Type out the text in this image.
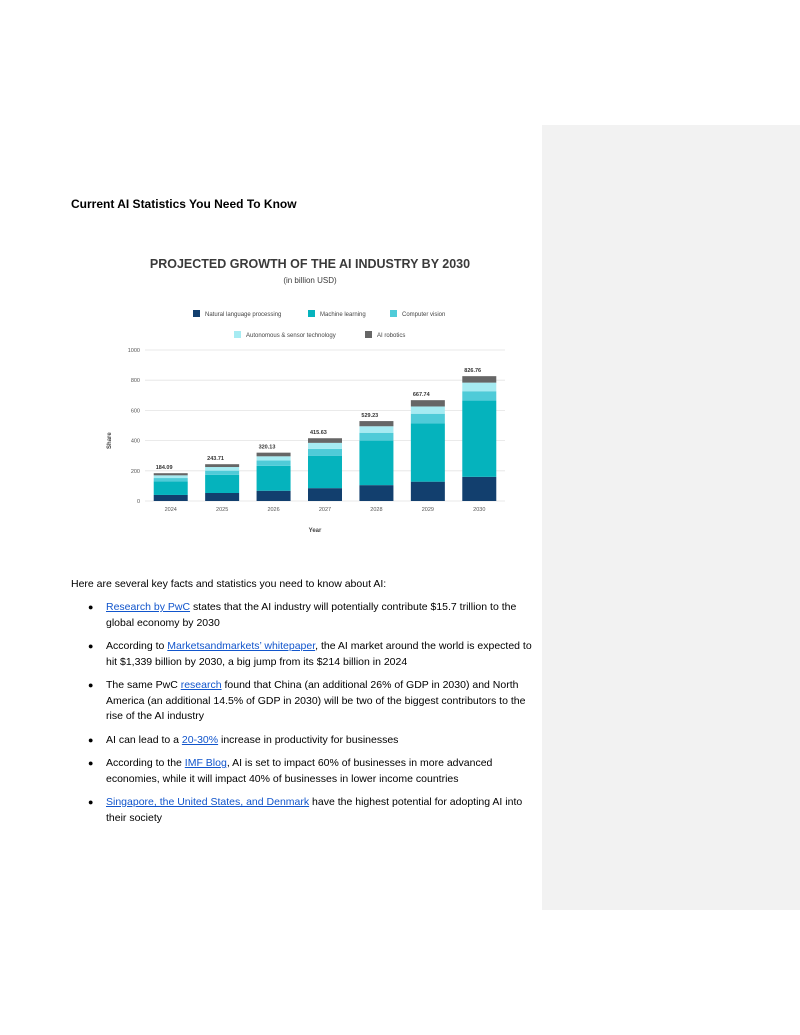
Current AI Statistics You Need To Know
PROJECTED GROWTH OF THE AI INDUSTRY BY 2030
(in billion USD)
Natural language processing	Machine learning	Computer vision
Autonomous & sensor technology	AI robotics
0
200
400
600
800
1000
Share
Year
184.09
2024
243.71
2025
320.13
2026
415.63
2027
529.23
2028
667.74
2029
826.76
2030
Here are several key facts and statistics you need to know about AI:
● Research by PwC states that the AI industry will potentially contribute $15.7 trillion to the global economy by 2030
● According to Marketsandmarkets’ whitepaper, the AI market around the world is expected to hit $1,339 billion by 2030, a big jump from its $214 billion in 2024
● The same PwC research found that China (an additional 26% of GDP in 2030) and North America (an additional 14.5% of GDP in 2030) will be two of the biggest contributors to the rise of the AI industry
● AI can lead to a 20-30% increase in productivity for businesses
● According to the IMF Blog, AI is set to impact 60% of businesses in more advanced economies, while it will impact 40% of businesses in lower income countries
● Singapore, the United States, and Denmark have the highest potential for adopting AI into their society
